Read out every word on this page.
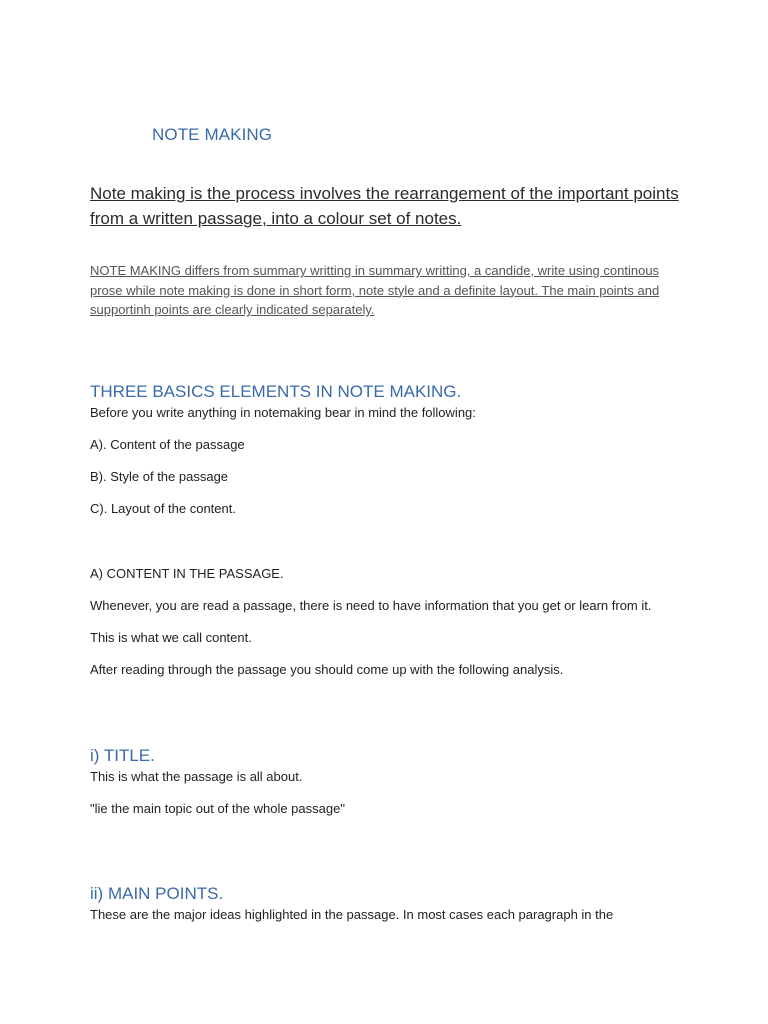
NOTE MAKING

Note making is the process involves the rearrangement of the important points from a written passage, into a colour set of notes.

NOTE MAKING differs from summary writting in summary writting, a candide, write using continous prose while note making is done in short form, note style and a definite layout. The main points and supportinh points are clearly indicated separately.

THREE BASICS ELEMENTS IN NOTE MAKING.

Before you write anything in notemaking bear in mind the following:

A). Content of the passage

B). Style of the passage

C). Layout of the content.

A) CONTENT IN THE PASSAGE.

Whenever, you are read a passage, there is need to have information that you get or learn from it.

This is what we call content.

After reading through the passage you should come up with the following analysis.

i) TITLE.

This is what the passage is all about.

"lie the main topic out of the whole passage"

ii) MAIN POINTS.

These are the major ideas highlighted in the passage. In most cases each paragraph in the
